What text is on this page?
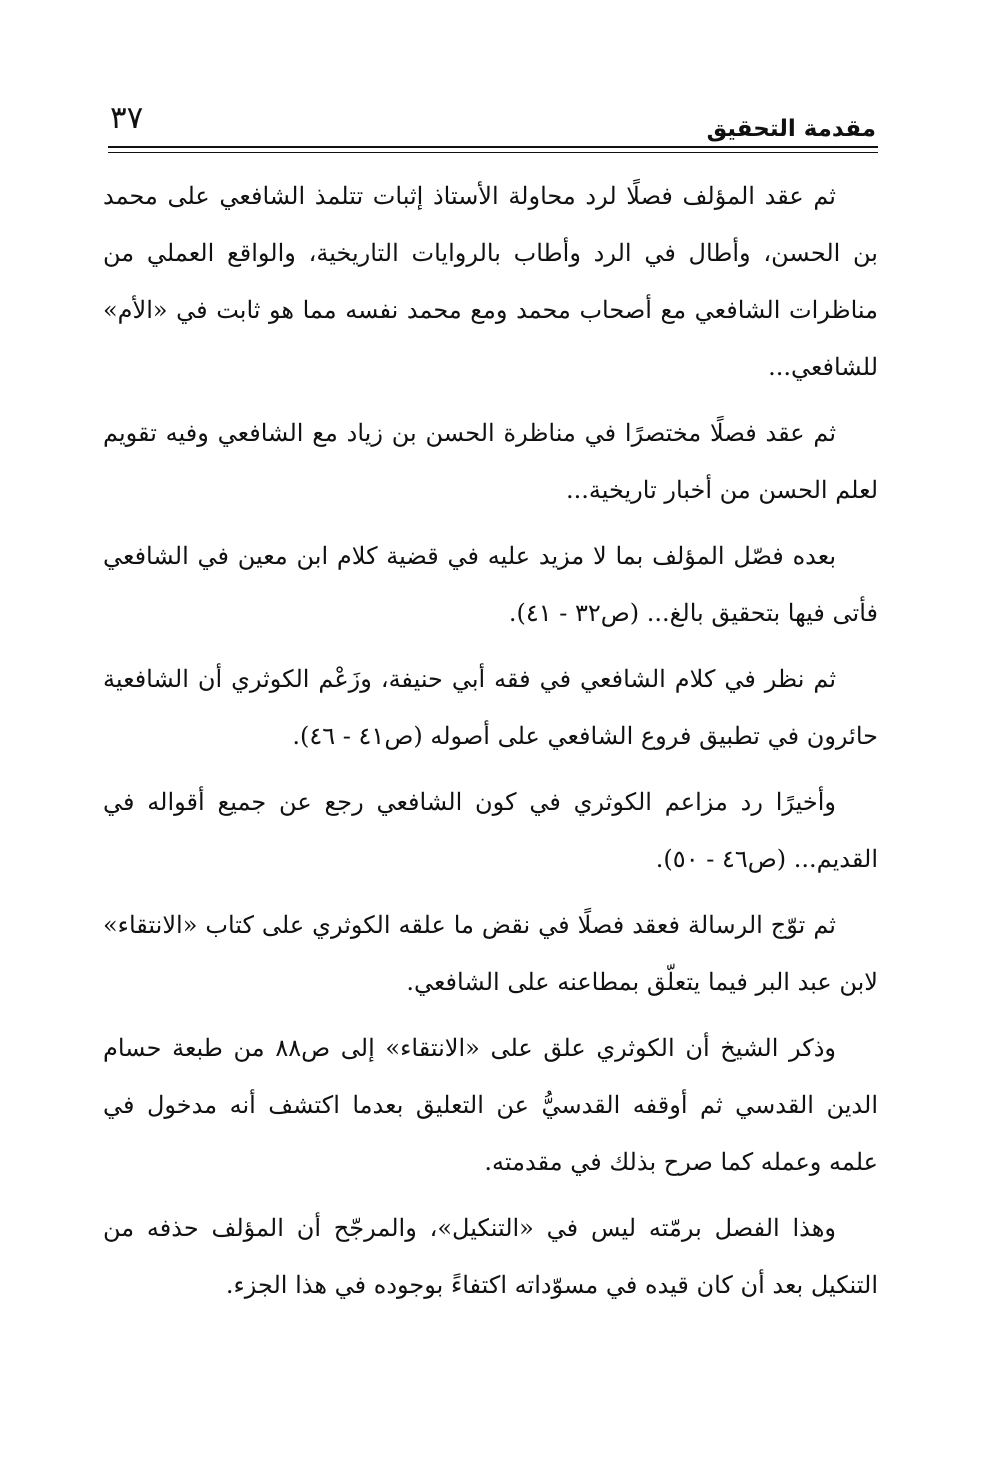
مقدمة التحقيق
٣٧

ثم عقد المؤلف فصلًا لرد محاولة الأستاذ إثبات تتلمذ الشافعي على محمد بن الحسن، وأطال في الرد وأطاب بالروايات التاريخية، والواقع العملي من مناظرات الشافعي مع أصحاب محمد ومع محمد نفسه مما هو ثابت في «الأم» للشافعي...

ثم عقد فصلًا مختصرًا في مناظرة الحسن بن زياد مع الشافعي وفيه تقويم لعلم الحسن من أخبار تاريخية...

بعده فصّل المؤلف بما لا مزيد عليه في قضية كلام ابن معين في الشافعي فأتى فيها بتحقيق بالغ... (ص٣٢ - ٤١).

ثم نظر في كلام الشافعي في فقه أبي حنيفة، وزَعْم الكوثري أن الشافعية حائرون في تطبيق فروع الشافعي على أصوله (ص٤١ - ٤٦).

وأخيرًا رد مزاعم الكوثري في كون الشافعي رجع عن جميع أقواله في القديم... (ص٤٦ - ٥٠).

ثم توّج الرسالة فعقد فصلًا في نقض ما علقه الكوثري على كتاب «الانتقاء» لابن عبد البر فيما يتعلّق بمطاعنه على الشافعي.

وذكر الشيخ أن الكوثري علق على «الانتقاء» إلى ص٨٨ من طبعة حسام الدين القدسي ثم أوقفه القدسيُّ عن التعليق بعدما اكتشف أنه مدخول في علمه وعمله كما صرح بذلك في مقدمته.

وهذا الفصل برمّته ليس في «التنكيل»، والمرجّح أن المؤلف حذفه من التنكيل بعد أن كان قيده في مسوّداته اكتفاءً بوجوده في هذا الجزء.
